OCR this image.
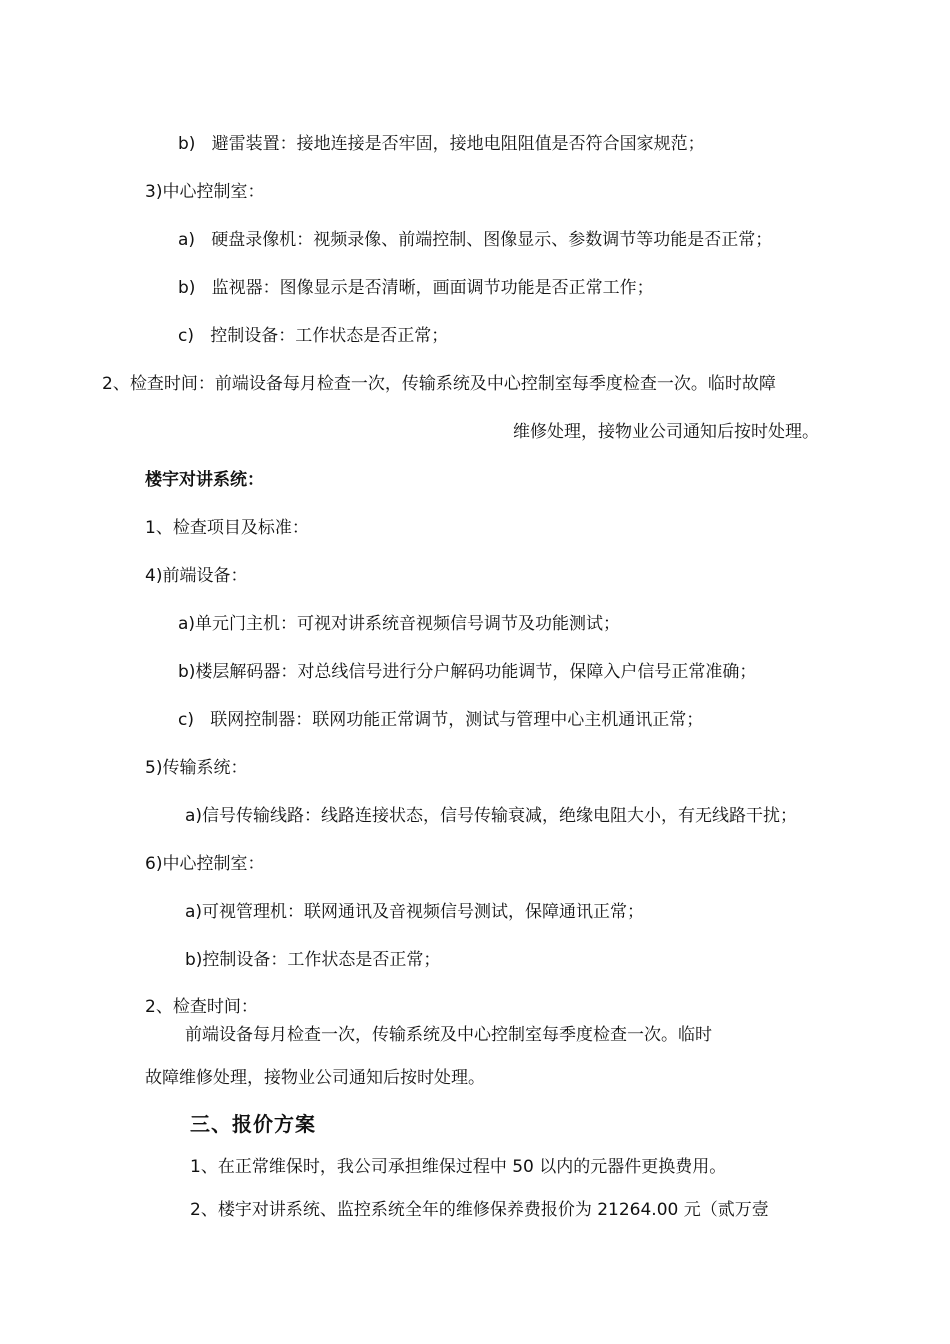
b)   避雷装置：接地连接是否牢固，接地电阻阻值是否符合国家规范；
3)中心控制室：
a)   硬盘录像机：视频录像、前端控制、图像显示、参数调节等功能是否正常；
b)   监视器：图像显示是否清晰，画面调节功能是否正常工作；
c)   控制设备：工作状态是否正常；
2、检查时间：前端设备每月检查一次，传输系统及中心控制室每季度检查一次。临时故障
维修处理，接物业公司通知后按时处理。
楼宇对讲系统：
1、检查项目及标准：
4)前端设备：
a)单元门主机：可视对讲系统音视频信号调节及功能测试；
b)楼层解码器：对总线信号进行分户解码功能调节，保障入户信号正常准确；
c)   联网控制器：联网功能正常调节，测试与管理中心主机通讯正常；
5)传输系统：
a)信号传输线路：线路连接状态，信号传输衰减，绝缘电阻大小，有无线路干扰；
6)中心控制室：
a)可视管理机：联网通讯及音视频信号测试，保障通讯正常；
b)控制设备：工作状态是否正常；
2、检查时间：
前端设备每月检查一次，传输系统及中心控制室每季度检查一次。临时
故障维修处理，接物业公司通知后按时处理。
三、报价方案
1、在正常维保时，我公司承担维保过程中 50 以内的元器件更换费用。
2、楼宇对讲系统、监控系统全年的维修保养费报价为 21264.00 元（贰万壹
